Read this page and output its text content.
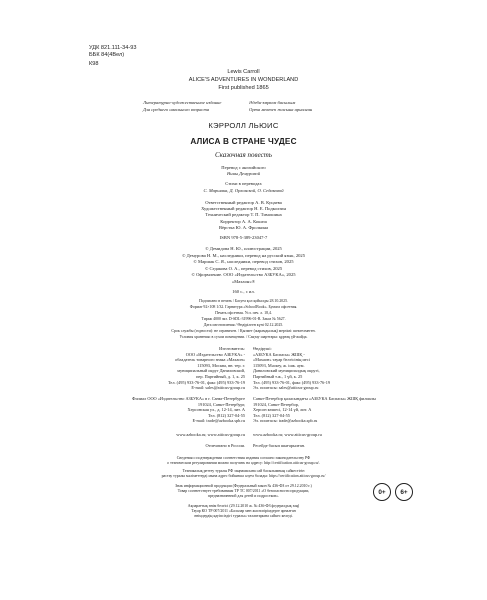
УДК 821.111-34-93
ББК 84(4Вел)
К98
Lewis Carroll
ALICE'S ADVENTURES IN WONDERLAND
First published 1865
Литературно-художественное издание
Для среднего школьного возраста
Әдеби-көркем басылым
Орта мектеп жасына арналған
КЭРРОЛЛ ЛЬЮИС
АЛИСА В СТРАНЕ ЧУДЕС
Сказочная повесть
Перевод с английского
Нины Демуровой
Стихи в переводах
С. Маршака, Д. Орловской, О. Седаковой
Ответственный редактор А. В. Куцаева
Художественный редактор Н. Е. Подколзин
Технический редактор Т. П. Тимошина
Корректор А. А. Кокиза
Вёрстка Ю. А. Фролкина
ISBN 978-5-389-23047-7
© Демидова Н. Ю., иллюстрации, 2025
© Демурова Н. М., наследники, перевод на русский язык, 2025
© Маршак С. Я., наследники, перевод стихов, 2025
© Седакова О. А., перевод стихов, 2025
© Оформление. ООО «Издательство АЗБУКА», 2025
«Махаон»®
160 с., с ил.
Подписано в печать / Басуға қол қойылды 28.10.2025.
Формат 92×108 1/32. Гарнитура «SchoolBook». Бумага офсетная.
Печать офсетная. Усл. печ. л. 18,4.
Тираж 4000 экз. D-SDL-31996-01-R. Заказ № 5627.
Дата изготовления / Өндірілген күні 02.12.2025.
Срок службы (годности): не ограничен. / Қызмет (жарамдылық) мерзімі: шектелмеген.
Условия хранения: в сухом помещении. / Сақтау шарттары: құрғақ үй-жайда.
Изготовитель:
ООО «Издательство АЗБУКА» -
обладатель товарного знака «Махаон»
115093, Москва, вн. тер. г.
муниципальный округ Даниловский,
пер. Партийный, д. 1, к. 25
Тел. (495) 933-76-01, факс (495) 933-76-19
E-mail: sales@atticus-group.ru
Өндіруші:
«АЗБУКА Баспасы» ЖШҚ -
«Махаон» тауар белгісінің иесі
115093, Мәскеу, ж. ішк. аум.
Даниловский муниципалдық округі,
Партийный т.ж., 1 үй, к. 25
Тел. (495) 933-76-01, факс (495) 933-76-19
Эл. поштасы: sales@atticus-group.ru
Филиал ООО «Издательство АЗБУКА» в г. Санкт-Петербурге
191024, Санкт-Петербург,
Херсонская ул., д. 12-14, лит. А
Тел. (812) 327-04-55
E-mail: trade@azbooka.spb.ru
Санкт-Петербор қаласындағы «АЗБУКА Баспасы» ЖШҚ филиалы
191024, Санкт-Петербор,
Херсон көшесі, 12-14 үй, лит. А
Тел. (812) 327-04-55
Эл. поштасы: trade@azbooka.spb.ru
www.azbooka.ru; www.atticus-group.ru www.azbooka.ru; www.atticus-group.ru
Отпечатано в России. Ресейде басып шығарылған.
Сведения о подтверждении соответствия издания согласно законодательству РФ
о техническом регулировании можно получить на адресу: http://certification.atticus-group.ru/.
Техникалық реттеу туралы РФ заңнамасына сай басылымның сәйкестігін
растау туралы мәліметтерді мына адрес бойынша алуға болады: https://certification.atticus-group.ru/
Знак информационной продукции (Федеральный закон № 436-ФЗ от 29.12.2010 г.)
Товар соответствует требованиям ТР ТС 007/2011 «О безопасности продукции,
предназначенной для детей и подростков».
Ақпараттық өнім белгісі (29.12.2010 ж. № 436-ФЗ федералдық заң)
Тауар КО ТР 007/2011 «Балалар мен жасөспірімдерге арналған
өнімдердің қауіпсіздігі туралы» талаптарына сәйкес келеді.
0+	6+
